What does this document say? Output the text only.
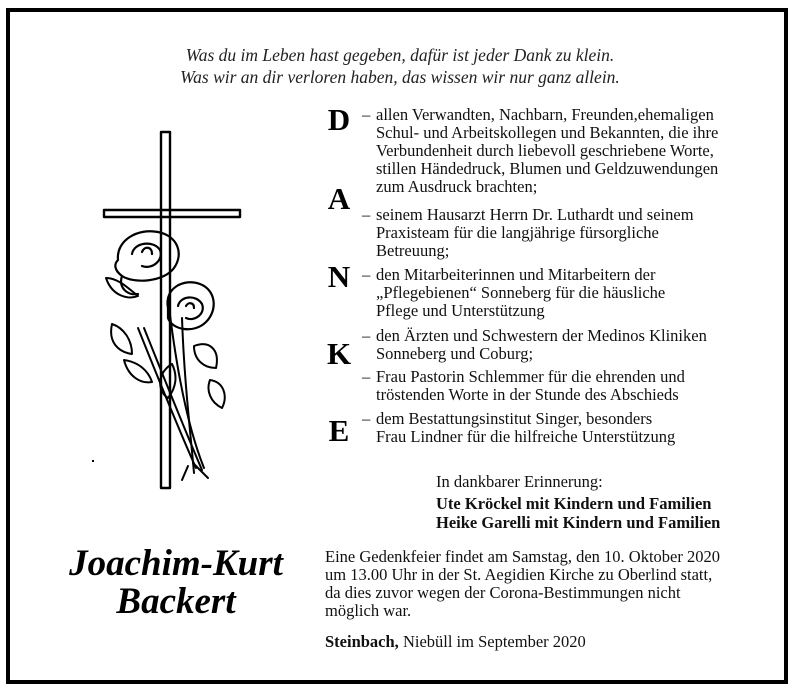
Was du im Leben hast gegeben, dafür ist jeder Dank zu klein.
Was wir an dir verloren haben, das wissen wir nur ganz allein.
D
A
N
K
E
– allen Verwandten, Nachbarn, Freunden,ehemaligen
Schul- und Arbeitskollegen und Bekannten, die ihre
Verbundenheit durch liebevoll geschriebene Worte,
stillen Händedruck, Blumen und Geldzuwendungen
zum Ausdruck brachten;
– seinem Hausarzt Herrn Dr. Luthardt und seinem
Praxisteam für die langjährige fürsorgliche
Betreuung;
– den Mitarbeiterinnen und Mitarbeitern der
„Pflegebienen“ Sonneberg für die häusliche
Pflege und Unterstützung
– den Ärzten und Schwestern der Medinos Kliniken
Sonneberg und Coburg;
– Frau Pastorin Schlemmer für die ehrenden und
tröstenden Worte in der Stunde des Abschieds
– dem Bestattungsinstitut Singer, besonders
Frau Lindner für die hilfreiche Unterstützung
In dankbarer Erinnerung:
Ute Kröckel mit Kindern und Familien
Heike Garelli mit Kindern und Familien
Joachim-Kurt
Backert
Eine Gedenkfeier findet am Samstag, den 10. Oktober 2020
um 13.00 Uhr in der St. Aegidien Kirche zu Oberlind statt,
da dies zuvor wegen der Corona-Bestimmungen nicht
möglich war.
Steinbach, Niebüll im September 2020
